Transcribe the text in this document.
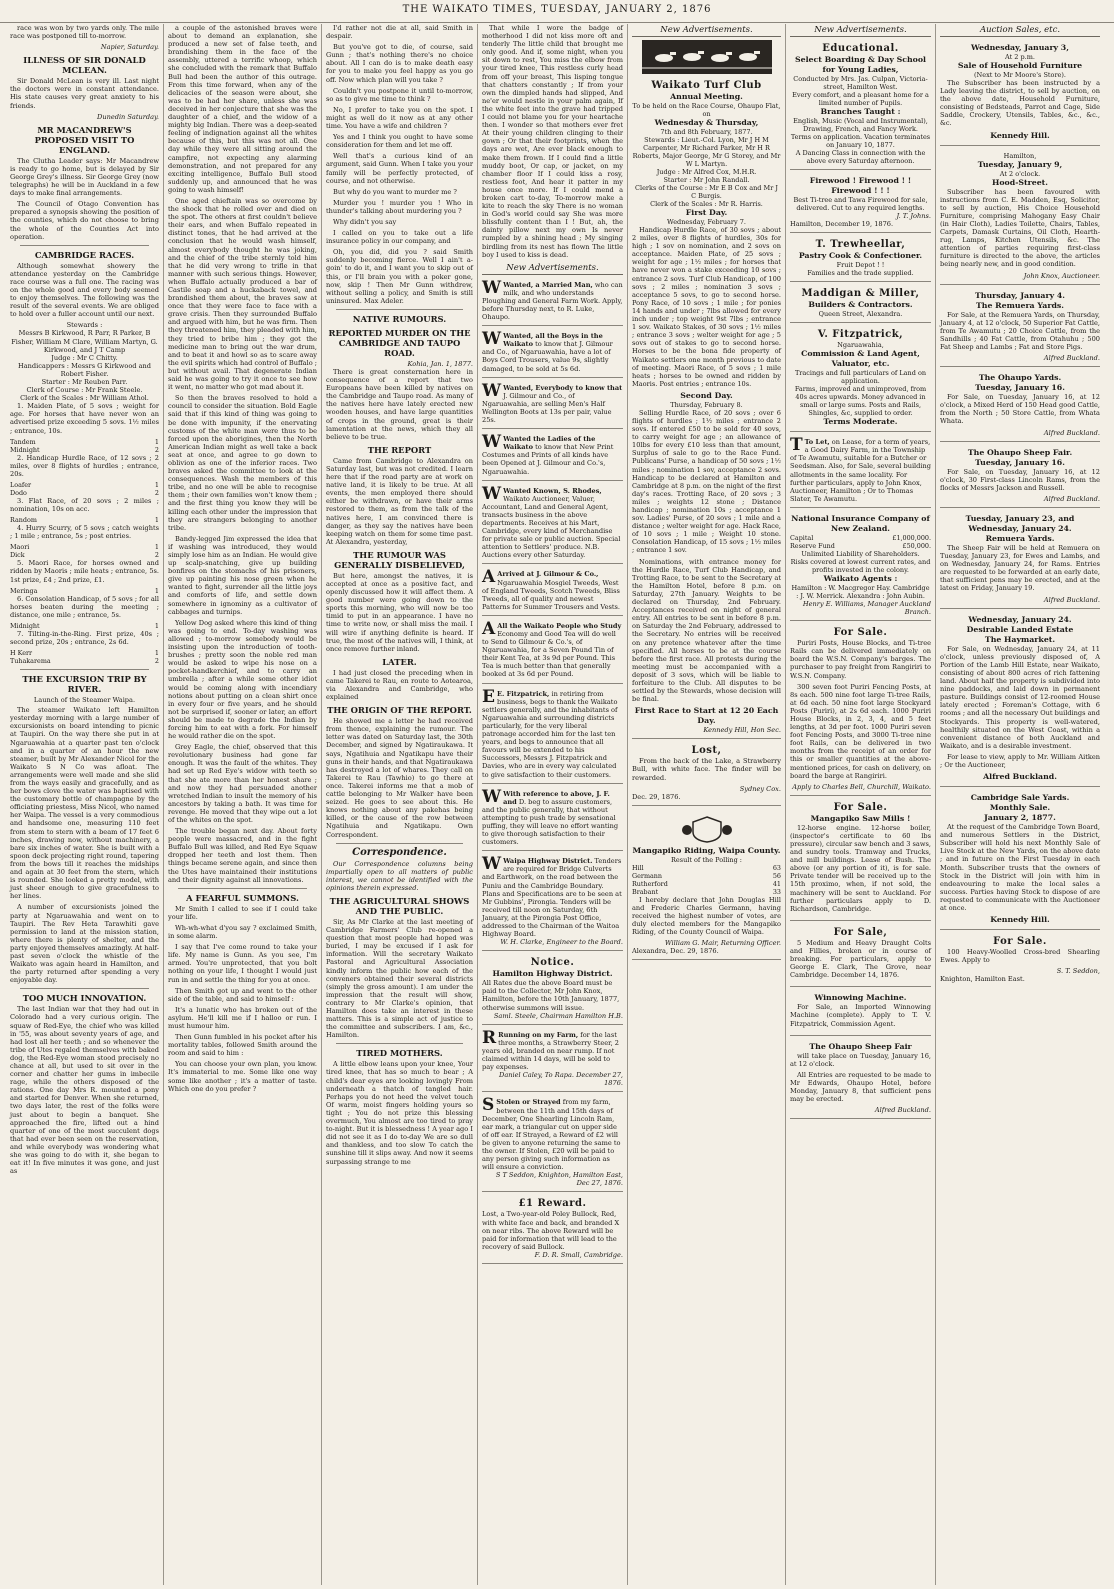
THE WAIKATO TIMES, TUESDAY, JANUARY 2, 1876

race was won by two yards only. The mile race was postponed till to-morrow.

Napier, Saturday.
ILLNESS OF SIR DONALD MCLEAN.

Sir Donald McLean is very ill. Last night the doctors were in constant attendance. His state causes very great anxiety to his friends.

Dunedin Saturday.
MR MACANDREW'S PROPOSED VISIT TO ENGLAND.

The Clutha Leader says: Mr Macandrew is ready to go home, but is delayed by Sir George Grey's illness. Sir George Grey (now telegraphs) he will be in Auckland in a few days to make final arrangements.

The Council of Otago Convention has prepared a synopsis showing the position of the counties, which do not choose to bring the whole of the Counties Act into operation.

CAMBRIDGE RACES.

Although somewhat showery the attendance yesterday on the Cambridge race course was a full one. The racing was on the whole good and every body seemed to enjoy themselves. The following was the result of the several events. We are obliged to hold over a fuller account until our next.

Stewards :
Messrs B Kirkwood, R Parr, R Parker, B Fisher, William M Clare, William Martyn, G. Kirkwood, and J T Camp
Judge : Mr C Chitty.
Handicappers : Messrs G Kirkwood and Robert Fisher.
Starter : Mr Reuben Parr.
Clerk of Course : Mr Frank Steele.
Clerk of the Scales : Mr William Athol.

1. Maiden Plate, of 5 sovs ; weight for age. For horses that have never won an advertised prize exceeding 5 sovs. 1½ miles ; entrance, 10s.

Tandem	1
Midnight	2

2. Handicap Hurdle Race, of 12 sovs ; 2 miles, over 8 flights of hurdles ; entrance, 20s.

Loafer	1
Dodo	2

3. Flat Race, of 20 sovs ; 2 miles ; nomination, 10s on acc.

Random	1

4. Hurry Scurry, of 5 sovs ; catch weights ; 1 mile ; entrance, 5s ; post entries.

Maori	1
Dick	2

5. Maori Race, for horses owned and ridden by Maoris ; mile heats ; entrance, 5s. 1st prize, £4 ; 2nd prize, £1.

Meringa	1

6. Consolation Handicap, of 5 sovs ; for all horses beaten during the meeting ; distance, one mile ; entrance, 5s.

Midnight	1

7. Tilting-in-the-Ring. First prize, 40s ; second prize, 20s ; entrance, 2s 6d.

H Kerr	1
Tuhakarema	2
THE EXCURSION TRIP BY RIVER.
Launch of the Steamer Waipa.

The steamer Waikato left Hamilton yesterday morning with a large number of excursionists on board intending to picnic at Taupiri. On the way there she put in at Ngaruawahia at a quarter past ten o'clock and in a quarter of an hour the new steamer, built by Mr Alexander Nicol for the Waikato S N Co was afloat. The arrangements were well made and she slid from the ways easily and gracefully, and as her bows clove the water was baptised with the customary bottle of champagne by the officiating priestess, Miss Nicol, who named her Waipa. The vessel is a very commodious and handsome one, measuring 110 feet from stem to stern with a beam of 17 feet 6 inches, drawing now, without machinery, a bare six inches of water. She is built with a spoon deck projecting right round, tapering from the bows till it reaches the midships and again at 30 feet from the stern, which is rounded. She looked a pretty model, with just sheer enough to give gracefulness to her lines.

A number of excursionists joined the party at Ngaruawahia and went on to Taupiri. The Rev Heta Tarawhiti gave permission to land at the mission station, where there is plenty of shelter, and the party enjoyed themselves amazingly. At half-past seven o'clock the whistle of the Waikato was again heard in Hamilton, and the party returned after spending a very enjoyable day.

TOO MUCH INNOVATION.

The last Indian war that they had out in Colorado had a very curious origin. The squaw of Red-Eye, the chief who was killed in '55, was about seventy years of age, and had lost all her teeth ; and so whenever the tribe of Utes regaled themselves with baked dog, the Red-Eye woman stood precisely no chance at all, but used to sit over in the corner and chatter her gums in imbecile rage, while the others disposed of the rations. One day Mrs R. mounted a pony and started for Denver. When she returned, two days later, the rest of the folks were just about to begin a banquet. She approached the fire, lifted out a hind quarter of one of the most succulent dogs that had ever been seen on the reservation, and while everybody was wondering what she was going to do with it, she began to eat it! In five minutes it was gone, and just as

a couple of the astonished braves were about to demand an explanation, she produced a new set of false teeth, and brandishing them in the face of the assembly, uttered a terrific whoop, which she concluded with the remark that Buffalo Bull had been the author of this outrage. From this time forward, when any of the delicacies of the season were about, she was to be had her share, unless she was deceived in her conjecture that she was the daughter of a chief, and the widow of a mighty big Indian. There was a deep-seated feeling of indignation against all the whites because of this, but this was not all. One day while they were all sitting around the campfire, not expecting any alarming demonstration, and not prepared for any exciting intelligence, Buffalo Bull stood suddenly up, and announced that he was going to wash himself!

One aged chieftain was so overcome by the shock that he rolled over and died on the spot. The others at first couldn't believe their ears, and when Buffalo repeated in distinct tones, that he had arrived at the conclusion that he would wash himself, almost everybody thought he was joking, and the chief of the tribe sternly told him that he did very wrong to trifle in that manner with such serious things. However, when Buffalo actually produced a bar of Castile soap and a huckaback towel, and brandished them about, the braves saw at once that they were face to face with a grave crisis. Then they surrounded Buffalo and argued with him, but he was firm. Then they threatened him, they pleaded with him, they tried to bribe him ; they got the medicine man to bring out the war drum, and to beat it and howl so as to scare away the evil spirits which had control of Buffalo ; but without avail. That degenerate Indian said he was going to try it once to see how it went, no matter who got mad about it.

So then the braves resolved to hold a council to consider the situation. Bold Eagle said that if this kind of thing was going to be done with impunity, if the enervating customs of the white man were thus to be forced upon the aborigines, then the North American Indian might as well take a back seat at once, and agree to go down to oblivion as one of the inferior races. Two braves asked the committee to look at the consequences. Wash the members of this tribe, and no one will be able to recognise them ; their own families won't know them ; and the first thing you know they will be killing each other under the impression that they are strangers belonging to another tribe.

Bandy-legged Jim expressed the idea that if washing was introduced, they would simply lose him as an Indian. He would give up scalp-snatching, give up building bonfires on the stomachs of his prisoners, give up painting his nose green when he wanted to fight, surrender all the little joys and comforts of life, and settle down somewhere in ignominy as a cultivator of cabbages and turnips.

Yellow Dog asked where this kind of thing was going to end. To-day washing was allowed ; to-morrow somebody would be insisting upon the introduction of tooth-brushes ; pretty soon the noble red man would be asked to wipe his nose on a pocket-handkerchief, and to carry an umbrella ; after a while some other idiot would be coming along with incendiary notions about putting on a clean shirt once in every four or five years, and he should not be surprised if, sooner or later, an effort should be made to degrade the Indian by forcing him to eat with a fork. For himself he would rather die on the spot.

Grey Eagle, the chief, observed that this revolutionary business had gone far enough. It was the fault of the whites. They had set up Red Eye's widow with teeth so that she ate more than her honest share ; and now they had persuaded another wretched Indian to insult the memory of his ancestors by taking a bath. It was time for revenge. He moved that they wipe out a lot of the whites on the spot.

The trouble began next day. About forty people were massacred, and in the fight Buffalo Bull was killed, and Red Eye Squaw dropped her teeth and lost them. Then things became serene again, and since then the Utes have maintained their institutions and their dignity against all innovations.

A FEARFUL SUMMONS.

Mr Smith I called to see if I could take your life.

Wh-wh-what d'you say ? exclaimed Smith, in some alarm.

I say that I've come round to take your life. My name is Gunn. As you see, I'm armed. You're unprotected, that you bolt nothing on your life, I thought I would just run in and settle the thing for you at once.

Then Smith got up and went to the other side of the table, and said to himself :

It's a lunatic who has broken out of the asylum. He'll kill me if I halloo or run. I must humour him.

Then Gunn fumbled in his pocket after his mortality tables, followed Smith around the room and said to him :

You can choose your own plan, you know. It's immaterial to me. Some like one way some like another ; it's a matter of taste. Which one do you prefer ?

I'd rather not die at all, said Smith in despair.

But you've got to die, of course, said Gunn ; that's nothing there's no choice about. All I can do is to make death easy for you to make you feel happy as you go off. Now which plan will you take ?

Couldn't you postpone it until to-morrow, so as to give me time to think ?

No, I prefer to take you on the spot. I might as well do it now as at any other time. You have a wife and children ?

Yes and I think you ought to have some consideration for them and let me off.

Well that's a curious kind of an argument, said Gunn. When I take you your family will be perfectly protected, of course, and not otherwise.

But why do you want to murder me ?

Murder you ! murder you ! Who in thunder's talking about murdering you ?

Why didn't you say

I called on you to take out a life insurance policy in our company, and

Oh, you did, did you ? said Smith suddenly becoming fierce. Well I ain't a-goin' to do it, and I want you to skip out of this, or I'll brain you with a poker gone, now, skip ! Then Mr Gunn withdrew, without selling a policy, and Smith is still uninsured. Max Adeler.

NATIVE RUMOURS.
REPORTED MURDER ON THE CAMBRIDGE AND TAUPO ROAD.
Kohia, Jan. 1, 1877.

There is great consternation here in consequence of a report that two Europeans have been killed by natives on the Cambridge and Taupo road. As many of the natives here have lately erected new wooden houses, and have large quantities of crops in the ground, great is their lamentation at the news, which they all believe to be true.

THE REPORT

Came from Cambridge to Alexandra on Saturday last, but was not credited. I learn here that if the road party are at work on native land, it is likely to be true. At all events, the men employed there should either be withdrawn, or have their arms restored to them, as from the talk of the natives here, I am convinced there is danger, as they say the natives have been keeping watch on them for some time past. At Alexandra, yesterday,

THE RUMOUR WAS GENERALLY DISBELIEVED,

But here, amongst the natives, it is accepted at once as a positive fact, and openly discussed how it will affect them. A good number were going down to the sports this morning, who will now be too timid to put in an appearance. I have no time to write now, or shall miss the mail. I will wire if anything definite is heard. If true, the most of the natives will, I think, at once remove further inland.

LATER.

I had just closed the preceding when in came Takerei te Rau, en route to Aotearoa, via Alexandra and Cambridge, who explained

THE ORIGIN OF THE REPORT.

He showed me a letter he had received from thence, explaining the rumour. The letter was dated on Saturday last, the 30th December, and signed by Ngatiraukawa. It says, Ngatihuia and Ngatikapu have their guns in their hands, and that Ngatiraukawa has destroyed a lot of whares. They call on Takerei te Rau (Tawhio) to go there at once. Takerei informs me that a mob of cattle belonging to Mr Walker have been seized. He goes to see about this. He knows nothing about any pakehas being killed, or the cause of the row between Ngatihuia and Ngatikapu. Own Correspondent.

Correspondence.

Our Correspondence columns being impartially open to all matters of public interest, we cannot be identified with the opinions therein expressed.

THE AGRICULTURAL SHOWS AND THE PUBLIC.

Sir, As Mr Clarke at the last meeting of Cambridge Farmers' Club re-opened a question that most people had hoped was buried, I may be excused if I ask for information. Will the secretary Waikato Pastoral and Agricultural Association kindly inform the public how each of the conveners obtained their several districts (simply the gross amount). I am under the impression that the result will show, contrary to Mr Clarke's opinion, that Hamilton does take an interest in these matters. This is a simple act of justice to the committee and subscribers. I am, &c., Hamilton.

TIRED MOTHERS.

A little elbow leans upon your knee, Your tired knee, that has so much to bear ; A child's dear eyes are looking lovingly From underneath a thatch of tangled hair. Perhaps you do not heed the velvet touch Of warm, moist fingers holding yours so tight ; You do not prize this blessing overmuch, You almost are too tired to pray to-night. But it is blessedness ! A year ago I did not see it as I do to-day We are so dull and thankless, and too slow To catch the sunshine till it slips away. And now it seems surpassing strange to me

That while I wore the badge of motherhood I did not kiss more oft and tenderly The little child that brought me only good. And if, some night, when you sit down to rest, You miss the elbow from your tired knee, This restless curly head from off your breast, This lisping tongue that chatters constantly ; If from your own the dimpled hands had slipped, And ne'er would nestle in your palm again, If the white feet into the grave had tripped I could not blame you for your heartache then. I wonder so that mothers ever fret At their young children clinging to their gown ; Or that their footprints, when the days are wet, Are ever black enough to make them frown. If I could find a little muddy boot, Or cap, or jacket, on my chamber floor If I could kiss a rosy, restless foot, And hear it patter in my house once more. If I could mend a broken cart to-day, To-morrow make a kite to reach the sky There is no woman in God's world could say She was more blissfully content than I ! But, ah, the dainty pillow next my own Is never rumpled by a shining head ; My singing birdling from its nest has flown The little boy I used to kiss is dead.

New Advertisements.
W Wanted, a Married Man, who can milk, and who understands Ploughing and General Farm Work. Apply, before Thursday next, to R. Luke, Ohaupo.
W Wanted, all the Boys in the Waikato to know that J. Gilmour and Co., of Ngaruawahia, have a lot of Boys Cord Trousers, value 9s, slightly damaged, to be sold at 5s 6d.
W Wanted, Everybody to know that J. Gilmour and Co., of Ngaruawahia, are selling Men's Half Wellington Boots at 13s per pair, value 25s.
W Wanted the Ladies of the Waikato to know that New Print Costumes and Prints of all kinds have been Opened at J. Gilmour and Co.'s, Ngaruawahia.
W Wanted Known, S. Rhodes, Waikato Auctioneer, Valuer, Accountant, Land and General Agent, transacts business in the above departments. Receives at his Mart, Cambridge, every kind of Merchandise for private sale or public auction. Special attention to Settlers' produce. N.B. Auctions every other Saturday.
A Arrived at J. Gilmour & Co., Ngaruawahia Mosgiel Tweeds, West of England Tweeds, Scotch Tweeds, Bliss Tweeds, all of quality and newest Patterns for Summer Trousers and Vests.
A All the Waikato People who Study Economy and Good Tea will do well to Send to Gilmour & Co.'s, of Ngaruawahia, for a Seven Pound Tin of their Kent Tea, at 3s 9d per Pound. This Tea is much better than that generally booked at 3s 6d per Pound.
E E. Fitzpatrick, in retiring from business, begs to thank the Waikato settlers generally, and the inhabitants of Ngaruawahia and surrounding districts particularly, for the very liberal patronage accorded him for the last ten years, and begs to announce that all favours will be extended to his Successors, Messrs J. Fitzpatrick and Davies, who are in every way calculated to give satisfaction to their customers.
W With reference to above, J. F. and D. beg to assure customers, and the public generally, that without attempting to push trade by sensational puffing, they will leave no effort wanting to give thorough satisfaction to their customers.
W Waipa Highway District. Tenders are required for Bridge Culverts and Earthwork, on the road between the Puniu and the Cambridge Boundary. Plans and Specifications are to be seen at Mr Gubbins', Pirongia. Tenders will be received till noon on Saturday, 6th January, at the Pirongia Post Office, addressed to the Chairman of the Waitoa Highway Board.
W. H. Clarke, Engineer to the Board.
Notice.
Hamilton Highway District.
All Rates due the above Board must be paid to the Collector, Mr John Knox, Hamilton, before the 10th January, 1877, otherwise summons will issue.
Saml. Steele, Chairman Hamilton H.B.
R Running on my Farm, for the last three months, a Strawberry Steer, 2 years old, branded on near rump. If not claimed within 14 days, will be sold to pay expenses.
Daniel Caley, To Rapa. December 27, 1876.
S Stolen or Strayed from my farm, between the 11th and 15th days of December, One Shearling Lincoln Ram, ear mark, a triangular cut on upper side of off ear. If Strayed, a Reward of £2 will be given to anyone returning the same to the owner. If Stolen, £20 will be paid to any person giving such information as will ensure a conviction.
S T Seddon, Knighton, Hamilton East, Dec 27, 1876.
£1 Reward.
Lost, a Two-year-old Poley Bullock, Red, with white face and back, and branded X on near ribs. The above Reward will be paid for information that will lead to the recovery of said Bullock.
F. D. R. Small, Cambridge.
New Advertisements.
Waikato Turf Club
Annual Meeting.
To be held on the Race Course, Ohaupo Flat, on
Wednesday & Thursday,
7th and 8th February, 1877.
Stewards : Lieut.-Col. Lyon, Mr J H M Carpenter, Mr Richard Parker, Mr H R Roberts, Major George, Mr G Storey, and Mr W L Martyn.
Judge : Mr Alfred Cox, M.H.R.
Starter : Mr John Randall.
Clerks of the Course : Mr E B Cox and Mr J C Burgis.
Clerk of the Scales : Mr R. Harris.
First Day.
Wednesday, February 7.

Handicap Hurdle Race, of 30 sovs ; about 2 miles, over 8 flights of hurdles, 30s for high ; 1 sov on nomination, and 2 sovs on acceptance. Maiden Plate, of 25 sovs ; weight for age ; 1½ miles ; for horses that have never won a stake exceeding 10 sovs ; entrance 2 sovs. Turf Club Handicap, of 100 sovs ; 2 miles ; nomination 3 sovs ; acceptance 5 sovs, to go to second horse. Pony Race, of 10 sovs ; 1 mile ; for ponies 14 hands and under ; 7lbs allowed for every inch under ; top weight 9st 7lbs ; entrance 1 sov. Waikato Stakes, of 30 sovs ; 1½ miles ; entrance 3 sovs ; welter weight for age ; 5 sovs out of stakes to go to second horse. Horses to be the bona fide property of Waikato settlers one month previous to date of meeting. Maori Race, of 5 sovs ; 1 mile heats ; horses to be owned and ridden by Maoris. Post entries ; entrance 10s.

Second Day.
Thursday, February 8.

Selling Hurdle Race, of 20 sovs ; over 6 flights of hurdles ; 1½ miles ; entrance 2 sovs. If entered £50 to be sold for 40 sovs, to carry weight for age ; an allowance of 10lbs for every £10 less than that amount, Surplus of sale to go to the Race Fund. Publicans' Purse, a handicap of 50 sovs ; 1½ miles ; nomination 1 sov, acceptance 2 sovs. Handicap to be declared at Hamilton and Cambridge at 8 p.m. on the night of the first day's races. Trotting Race, of 20 sovs ; 3 miles ; weights 12 stone ; Distance handicap ; nomination 10s ; acceptance 1 sov. Ladies' Purse, of 20 sovs ; 1 mile and a distance ; welter weight for age. Hack Race, of 10 sovs ; 1 mile ; Weight 10 stone. Consolation Handicap, of 15 sovs ; 1½ miles ; entrance 1 sov.

Nominations, with entrance money for the Hurdle Race, Turf Club Handicap, and Trotting Race, to be sent to the Secretary at the Hamilton Hotel, before 8 p.m. on Saturday, 27th January. Weights to be declared on Thursday, 2nd February. Acceptances received on night of general entry. All entries to be sent in before 8 p.m. on Saturday the 2nd February, addressed to the Secretary. No entries will be received on any pretence whatever after the time specified. All horses to be at the course before the first race. All protests during the meeting must be accompanied with a deposit of 3 sovs, which will be liable to forfeiture to the Club. All disputes to be settled by the Stewards, whose decision will be final.

First Race to Start at 12 20 Each Day.
Kennedy Hill, Hon Sec.
Lost,

From the back of the Lake, a Strawberry Bull, with white face. The finder will be rewarded.

Sydney Cox.
Dec. 29, 1876.
Mangapiko Riding, Waipa County.
Result of the Polling :
Hill	63
Germann	56
Rutherford	41
Brabant	33

I hereby declare that John Douglas Hill and Frederic Charles Germann, having received the highest number of votes, are duly elected members for the Mangapiko Riding, of the County Council of Waipa.

William G. Mair, Returning Officer.
Alexandra, Dec. 29, 1876.
New Advertisements.
Educational.
Select Boarding & Day School for Young Ladies,
Conducted by Mrs. Jas. Culpan, Victoria-street, Hamilton West.
Every comfort, and a pleasant home for a limited number of Pupils.
Branches Taught :
English, Music (Vocal and Instrumental), Drawing, French, and Fancy Work.
Terms on application. Vacation terminates on January 10, 1877.
A Dancing Class in connection with the above every Saturday afternoon.
Firewood ! Firewood ! ! Firewood ! ! !
Best Ti-tree and Tawa Firewood for sale, delivered. Cut to any required lengths.
J. T. Johns.
Hamilton, December 19, 1876.
T. Trewheellar,
Pastry Cook & Confectioner.
Fruit Depot ! !
Families and the trade supplied.
Maddigan & Miller,
Builders & Contractors.
Queen Street, Alexandra.
V. Fitzpatrick,
Ngaruawahia,
Commission & Land Agent, Valuator, etc.
Tracings and full particulars of Land on application.
Farms, improved and unimproved, from 40s acres upwards. Money advanced in small or large sums. Posts and Rails, Shingles, &c, supplied to order.
Terms Moderate.
T To Let, on Lease, for a term of years, a Good Dairy Farm, in the Township of Te Awamutu, suitable for a Butcher or Seedsman. Also, for Sale, several building allotments in the same locality. For further particulars, apply to John Knox, Auctioneer, Hamilton ; Or to Thomas Slater, Te Awamutu.
National Insurance Company of New Zealand.
Capital	£1,000,000.
Reserve Fund	£50,000.
Unlimited Liability of Shareholders.
Risks covered at lowest current rates, and profits invested in the colony.
Waikato Agents :
Hamilton : W. Macgregor Hay. Cambridge : J. W. Merrick. Alexandra : John Aubin.
Henry E. Williams, Manager Auckland Branch.
For Sale.

Puriri Posts, House Blocks, and Ti-tree Rails can be delivered immediately on board the W.S.N. Company's barges. The purchaser to pay freight from Rangiriri to W.S.N. Company.

300 seven foot Puriri Fencing Posts, at 8s each. 500 nine foot large Ti-tree Rails, at 6d each. 50 nine foot large Stockyard Posts (Puriri), at 2s 6d each. 1000 Puriri House Blocks, in 2, 3, 4, and 5 feet lengths, at 3d per foot. 1000 Puriri seven foot Fencing Posts, and 3000 Ti-tree nine foot Rails, can be delivered in two months from the receipt of an order for this or smaller quantities at the above-mentioned prices, for cash on delivery, on board the barge at Rangiriri.

Apply to Charles Bell, Churchill, Waikato.
For Sale.
Mangapiko Saw Mills !

12-horse engine. 12-horse boiler, (inspector's certificate to 60 lbs pressure), circular saw bench and 3 saws, and sundry tools. Tramway and Trucks, and mill buildings. Lease of Bush. The above (or any portion of it), is for sale. Private tender will be received up to the 15th proximo, when, if not sold, the machinery will be sent to Auckland. For further particulars apply to D. Richardson, Cambridge.

For Sale,

5 Medium and Heavy Draught Colts and Fillies, broken or in course of breaking. For particulars, apply to George E. Clark, The Grove, near Cambridge. December 14, 1876.

Winnowing Machine.

For Sale, an Imported Winnowing Machine (complete). Apply to T. V. Fitzpatrick, Commission Agent.

The Ohaupo Sheep Fair

will take place on Tuesday, January 16, at 12 o'clock.

All Entries are requested to be made to Mr Edwards, Ohaupo Hotel, before Monday, January 8, that sufficient pens may be erected.

Alfred Buckland.
Auction Sales, etc.
Wednesday, January 3,
At 2 p.m.
Sale of Household Furniture
(Next to Mr Moore's Store).

The Subscriber has been instructed by a Lady leaving the district, to sell by auction, on the above date, Household Furniture, consisting of Bedsteads, Parrot and Cage, Side Saddle, Crockery, Utensils, Tables, &c., &c., &c.

Kennedy Hill.
Hamilton,
Tuesday, January 9,
At 2 o'clock.
Hood-Street.

Subscriber has been favoured with instructions from C. E. Madden, Esq, Solicitor, to sell by auction, His Choice Household Furniture, comprising Mahogany Easy Chair (in Hair Cloth), Ladies Toilette, Chairs, Tables, Carpets, Damask Curtains, Oil Cloth, Hearth-rug, Lamps, Kitchen Utensils, &c. The attention of parties requiring first-class furniture is directed to the above, the articles being nearly new, and in good condition.

John Knox, Auctioneer.
Thursday, January 4.
The Remuera Yards.

For Sale, at the Remuera Yards, on Thursday, January 4, at 12 o'clock, 50 Superior Fat Cattle, from Te Awamutu ; 20 Choice Cattle, from the Sandhills ; 40 Fat Cattle, from Otahuhu ; 500 Fat Sheep and Lambs ; Fat and Store Pigs.

Alfred Buckland.
The Ohaupo Yards.
Tuesday, January 16.

For Sale, on Tuesday, January 16, at 12 o'clock, a Mixed Herd of 150 Head good Cattle, from the North ; 50 Store Cattle, from Whata Whata.

Alfred Buckland.
The Ohaupo Sheep Fair.
Tuesday, January 16.

For Sale, on Tuesday, January 16, at 12 o'clock, 30 First-class Lincoln Rams, from the flocks of Messrs Jackson and Russell.

Alfred Buckland.
Tuesday, January 23, and Wednesday, January 24.
Remuera Yards.

The Sheep Fair will be held at Remuera on Tuesday, January 23, for Ewes and Lambs, and on Wednesday, January 24, for Rams. Entries are requested to be forwarded at an early date, that sufficient pens may be erected, and at the latest on Friday, January 19.

Alfred Buckland.
Wednesday, January 24.
Desirable Landed Estate
The Haymarket.

For Sale, on Wednesday, January 24, at 11 o'clock, unless previously disposed of, A Portion of the Lamb Hill Estate, near Waikato, consisting of about 800 acres of rich fattening land. About half the property is subdivided into nine paddocks, and laid down in permanent pasture. Buildings consist of 12-roomed House lately erected ; Foreman's Cottage, with 6 rooms ; and all the necessary Out buildings and Stockyards. This property is well-watered, healthily situated on the West Coast, within a convenient distance of both Auckland and Waikato, and is a desirable investment.

For lease to view, apply to Mr. William Aitken ; Or the Auctioneer,

Alfred Buckland.
Cambridge Sale Yards.
Monthly Sale.
January 2, 1877.

At the request of the Cambridge Town Board, and numerous Settlers in the District, Subscriber will hold his next Monthly Sale of Live Stock at the New Yards, on the above date ; and in future on the First Tuesday in each Month. Subscriber trusts that the owners of Stock in the District will join with him in endeavouring to make the local sales a success. Parties having Stock to dispose of are requested to communicate with the Auctioneer at once.

Kennedy Hill.
For Sale.

100 Heavy-Woolled Cross-bred Shearling Ewes. Apply to

S. T. Seddon,
Knighton, Hamilton East.
